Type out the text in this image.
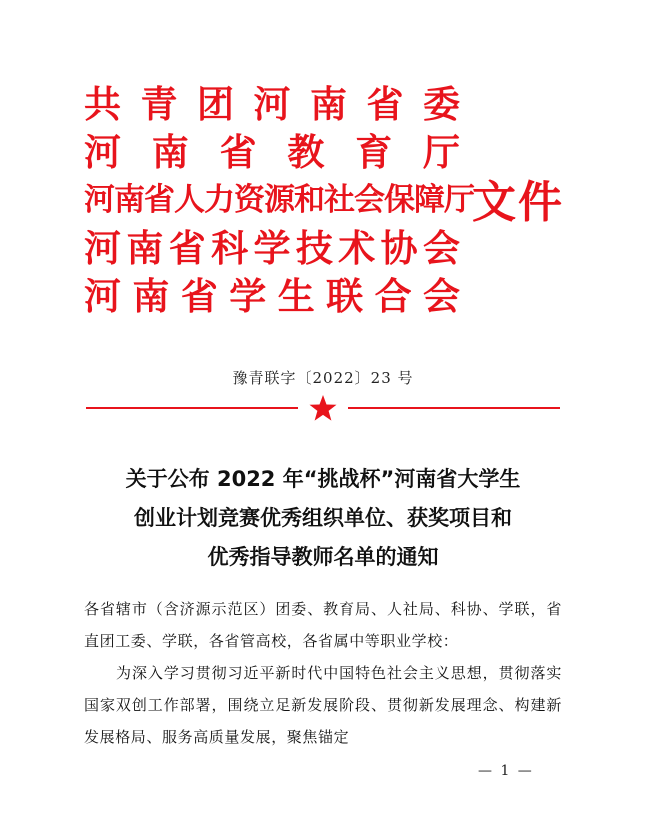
共青团河南省委
河南省教育厅
河南省人力资源和社会保障厅
河南省科学技术协会
河南省学生联合会
文件
豫青联字〔2022〕23 号
关于公布 2022 年“挑战杯”河南省大学生
创业计划竞赛优秀组织单位、获奖项目和
优秀指导教师名单的通知

各省辖市（含济源示范区）团委、教育局、人社局、科协、学联，省直团工委、学联，各省管高校，各省属中等职业学校：

为深入学习贯彻习近平新时代中国特色社会主义思想，贯彻落实国家双创工作部署，围绕立足新发展阶段、贯彻新发展理念、构建新发展格局、服务高质量发展，聚焦锚定

— 1 —
